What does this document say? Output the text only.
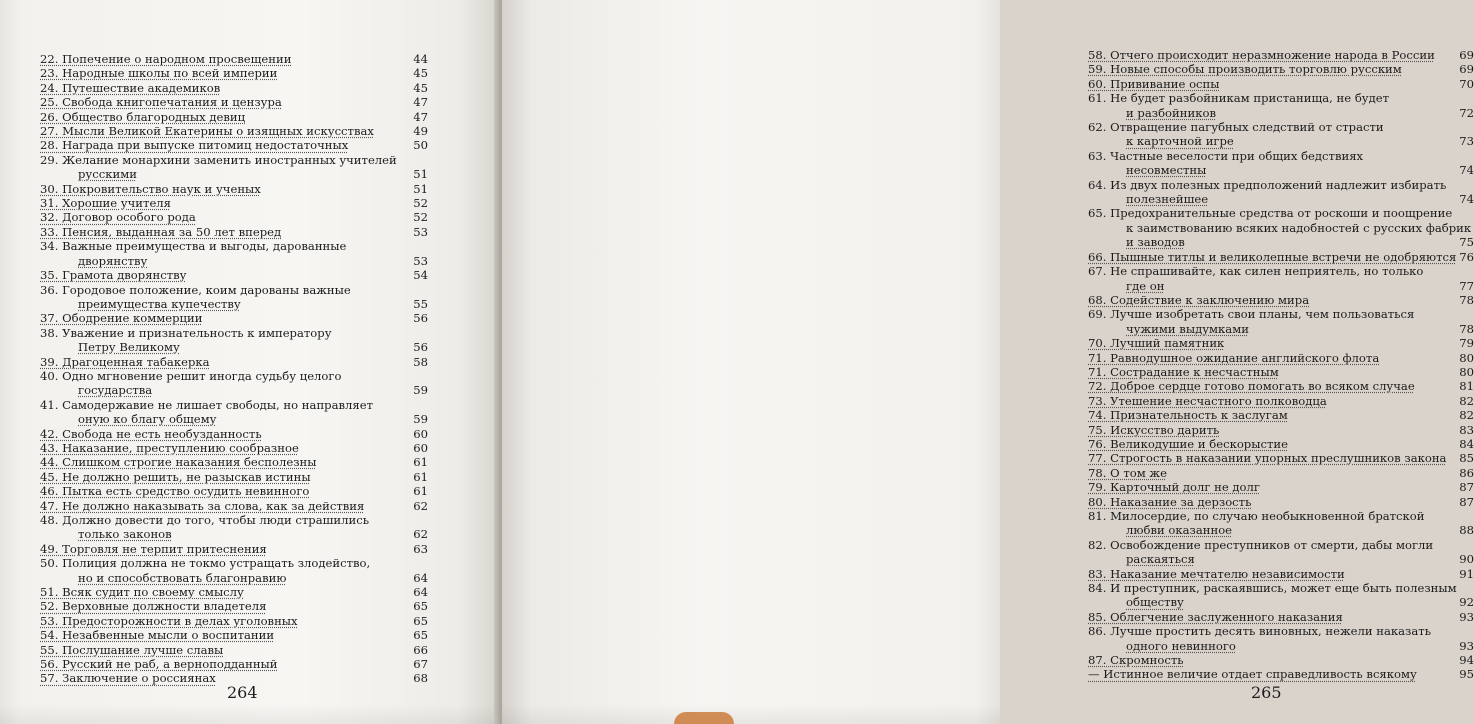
22. Попечение о народном просвещении	44
23. Народные школы по всей империи	45
24. Путешествие академиков	45
25. Свобода книгопечатания и цензура	47
26. Общество благородных девиц	47
27. Мысли Великой Екатерины о изящных искусствах	49
28. Награда при выпуске питомиц недостаточных	50
29. Желание монархини заменить иностранных учителей
русскими	51
30. Покровительство наук и ученых	51
31. Хорошие учителя	52
32. Договор особого рода	52
33. Пенсия, выданная за 50 лет вперед	53
34. Важные преимущества и выгоды, дарованные
дворянству	53
35. Грамота дворянству	54
36. Городовое положение, коим дарованы важные
преимущества купечеству	55
37. Ободрение коммерции	56
38. Уважение и признательность к императору
Петру Великому	56
39. Драгоценная табакерка	58
40. Одно мгновение решит иногда судьбу целого
государства	59
41. Самодержавие не лишает свободы, но направляет
оную ко благу общему	59
42. Свобода не есть необузданность	60
43. Наказание, преступлению сообразное	60
44. Слишком строгие наказания бесполезны	61
45. Не должно решить, не разыскав истины	61
46. Пытка есть средство осудить невинного	61
47. Не должно наказывать за слова, как за действия	62
48. Должно довести до того, чтобы люди страшились
только законов	62
49. Торговля не терпит притеснения	63
50. Полиция должна не токмо устращать злодейство,
но и способствовать благонравию	64
51. Всяк судит по своему смыслу	64
52. Верховные должности владетеля	65
53. Предосторожности в делах уголовных	65
54. Незабвенные мысли о воспитании	65
55. Послушание лучше славы	66
56. Русский не раб, а верноподданный	67
57. Заключение о россиянах	68
264
58. Отчего происходит неразмножение народа в России 69
59. Новые способы производить торговлю русским	69
60. Прививание оспы	70
61. Не будет разбойникам пристанища, не будет
и разбойников	72
62. Отвращение пагубных следствий от страсти
к карточной игре	73
63. Частные веселости при общих бедствиях
несовместны	74
64. Из двух полезных предположений надлежит избирать
полезнейшее	74
65. Предохранительные средства от роскоши и поощрение
к заимствованию всяких надобностей с русских фабрик
и заводов	75
66. Пышные титлы и великолепные встречи не одобряются 76
67. Не спрашивайте, как силен неприятель, но только
где он	77
68. Содействие к заключению мира	78
69. Лучше изобретать свои планы, чем пользоваться
чужими выдумками	78
70. Лучший памятник	79
71. Равнодушное ожидание английского флота	80
71. Сострадание к несчастным	80
72. Доброе сердце готово помогать во всяком случае	81
73. Утешение несчастного полководца	82
74. Признательность к заслугам	82
75. Искусство дарить	83
76. Великодушие и бескорыстие	84
77. Строгость в наказании упорных преслушников закона 85
78. О том же	86
79. Карточный долг не долг	87
80. Наказание за дерзость	87
81. Милосердие, по случаю необыкновенной братской
любви оказанное	88
82. Освобождение преступников от смерти, дабы могли
раскаяться	90
83. Наказание мечтателю независимости	91
84. И преступник, раскаявшись, может еще быть полезным
обществу	92
85. Облегчение заслуженного наказания	93
86. Лучше простить десять виновных, нежели наказать
одного невинного	93
87. Скромность	94
— Истинное величие отдает справедливость всякому	95
265
